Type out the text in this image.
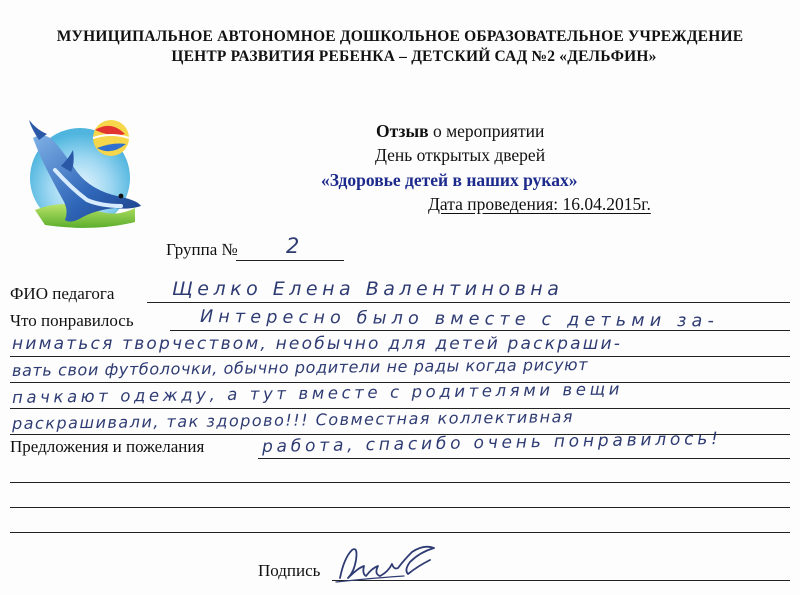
МУНИЦИПАЛЬНОЕ АВТОНОМНОЕ ДОШКОЛЬНОЕ ОБРАЗОВАТЕЛЬНОЕ УЧРЕЖДЕНИЕ
ЦЕНТР РАЗВИТИЯ РЕБЕНКА – ДЕТСКИЙ САД №2 «ДЕЛЬФИН»
Отзыв о мероприятии
День открытых дверей
«Здоровье детей в наших руках»
Дата проведения: 16.04.2015г.
Группа № 2
ФИО педагога	Щелко Елена Валентиновна
Что понравилось	Интересно было вместе с детьми за-
ниматься творчеством, необычно для детей раскраши-
вать свои футболочки, обычно родители не рады когда рисуют
пачкают одежду, а тут вместе с родителями вещи
раскрашивали, так здорово!!! Совместная коллективная
Предложения и пожелания	работа, спасибо очень понравилось!
Подпись
